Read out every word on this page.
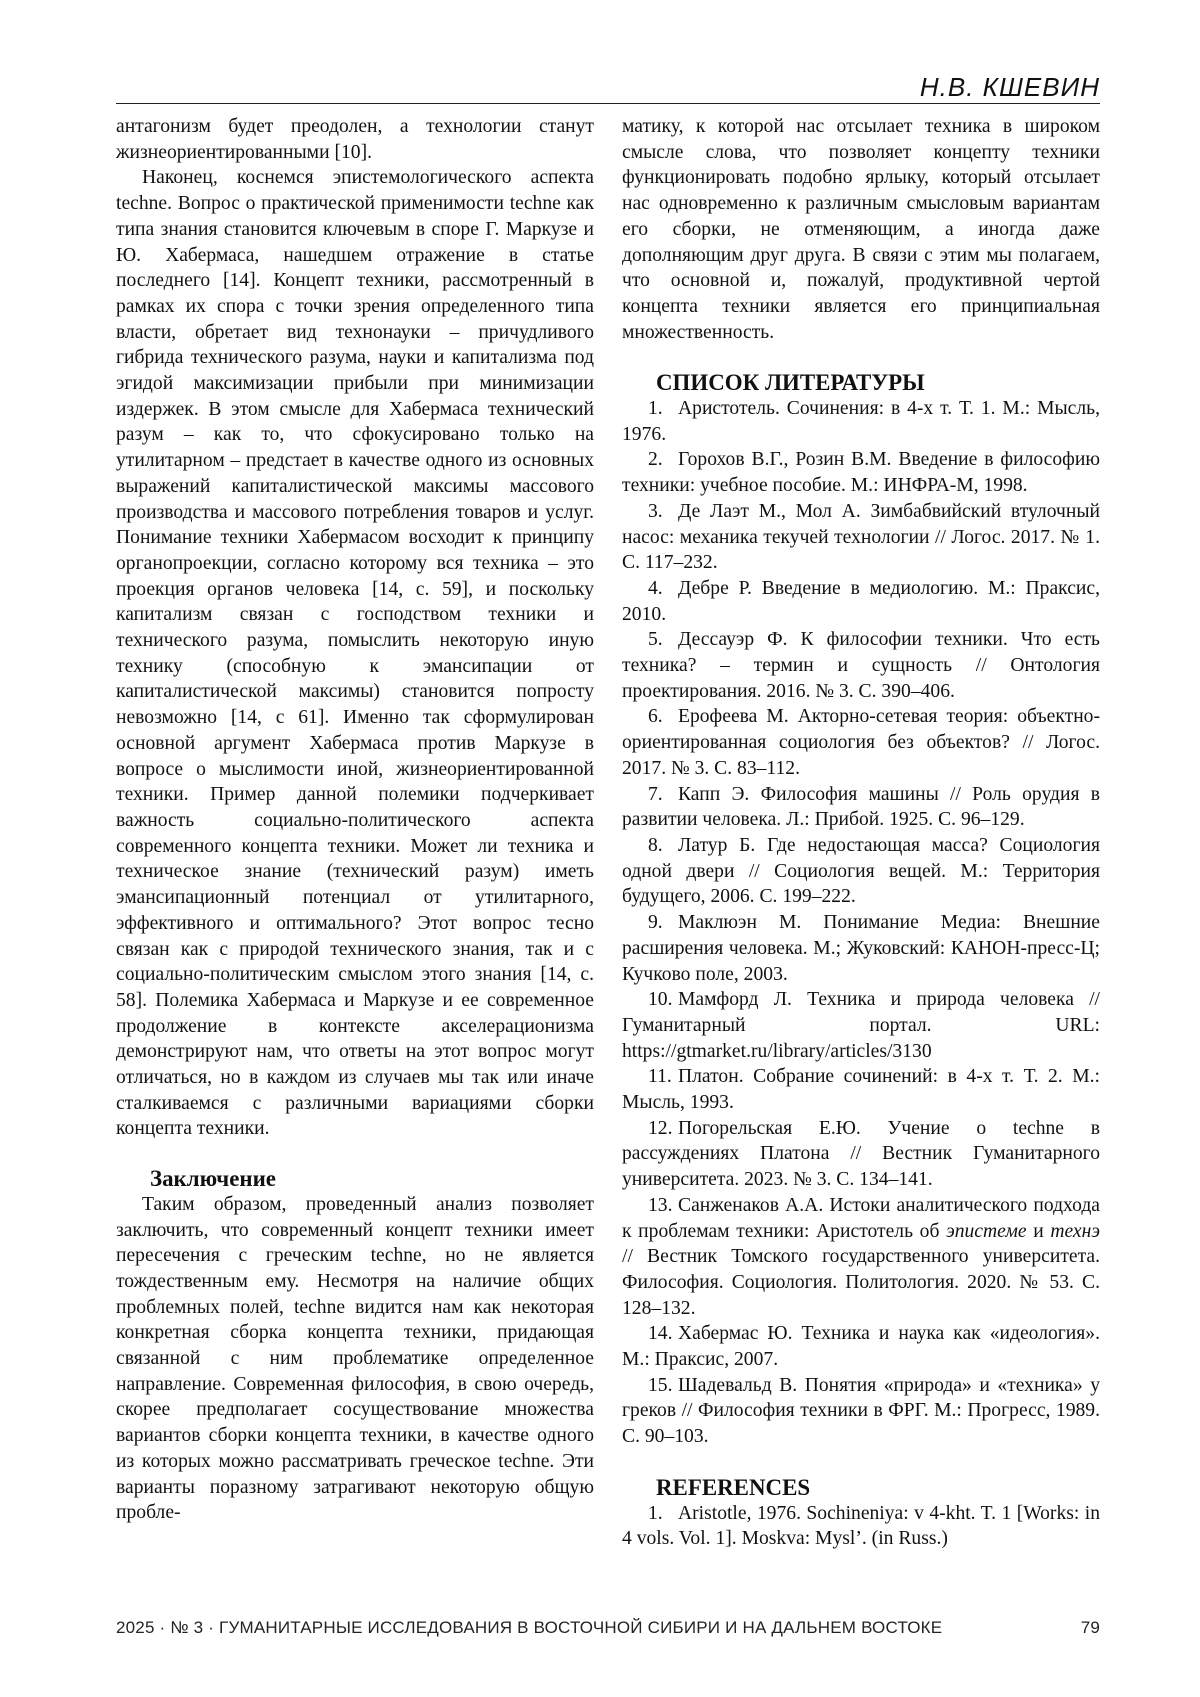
Н.В. КШЕВИН

антагонизм будет преодолен, а технологии станут жизнеориентированными [10].

Наконец, коснемся эпистемологического аспекта techne. Вопрос о практической применимости techne как типа знания становится ключевым в споре Г. Маркузе и Ю. Хабермаса, нашедшем отражение в статье последнего [14]. Концепт техники, рассмотренный в рамках их спора с точки зрения определенного типа власти, обретает вид технонауки – причудливого гибрида технического разума, науки и капитализма под эгидой максимизации прибыли при минимизации издержек. В этом смысле для Хабермаса технический разум – как то, что сфокусировано только на утилитарном – предстает в качестве одного из основных выражений капиталистической максимы массового производства и массового потребления товаров и услуг. Понимание техники Хабермасом восходит к принципу органопроекции, согласно которому вся техника – это проекция органов человека [14, с. 59], и поскольку капитализм связан с господством техники и технического разума, помыслить некоторую иную технику (способную к эмансипации от капиталистической максимы) становится попросту невозможно [14, с 61]. Именно так сформулирован основной аргумент Хабермаса против Маркузе в вопросе о мыслимости иной, жизнеориентированной техники. Пример данной полемики подчеркивает важность социально-политического аспекта современного концепта техники. Может ли техника и техническое знание (технический разум) иметь эмансипационный потенциал от утилитарного, эффективного и оптимального? Этот вопрос тесно связан как с природой технического знания, так и с социально-политическим смыслом этого знания [14, с. 58]. Полемика Хабермаса и Маркузе и ее современное продолжение в контексте акселерационизма демонстрируют нам, что ответы на этот вопрос могут отличаться, но в каждом из случаев мы так или иначе сталкиваемся с различными вариациями сборки концепта техники.

Заключение

Таким образом, проведенный анализ позволяет заключить, что современный концепт техники имеет пересечения с греческим techne, но не является тождественным ему. Несмотря на наличие общих проблемных полей, techne видится нам как некоторая конкретная сборка концепта техники, придающая связанной с ним проблематике определенное направление. Современная философия, в свою очередь, скорее предполагает сосуществование множества вариантов сборки концепта техники, в качестве одного из которых можно рассматривать греческое techne. Эти варианты поразному затрагивают некоторую общую пробле-

матику, к которой нас отсылает техника в широком смысле слова, что позволяет концепту техники функционировать подобно ярлыку, который отсылает нас одновременно к различным смысловым вариантам его сборки, не отменяющим, а иногда даже дополняющим друг друга. В связи с этим мы полагаем, что основной и, пожалуй, продуктивной чертой концепта техники является его принципиальная множественность.

СПИСОК ЛИТЕРАТУРЫ

1. Аристотель. Сочинения: в 4-х т. Т. 1. М.: Мысль, 1976.

2. Горохов В.Г., Розин В.М. Введение в философию техники: учебное пособие. М.: ИНФРА-М, 1998.

3. Де Лаэт М., Мол А. Зимбабвийский втулочный насос: механика текучей технологии // Логос. 2017. № 1. С. 117–232.

4. Дебре Р. Введение в медиологию. М.: Праксис, 2010.

5. Дессауэр Ф. К философии техники. Что есть техника? – термин и сущность // Онтология проектирования. 2016. № 3. С. 390–406.

6. Ерофеева М. Акторно-сетевая теория: объектно-ориентированная социология без объектов? // Логос. 2017. № 3. С. 83–112.

7. Капп Э. Философия машины // Роль орудия в развитии человека. Л.: Прибой. 1925. С. 96–129.

8. Латур Б. Где недостающая масса? Социология одной двери // Социология вещей. М.: Территория будущего, 2006. С. 199–222.

9. Маклюэн М. Понимание Медиа: Внешние расширения человека. М.; Жуковский: КАНОН-пресс-Ц; Кучково поле, 2003.

10. Мамфорд Л. Техника и природа человека // Гуманитарный портал. URL: https://gtmarket.ru/library/articles/3130

11. Платон. Собрание сочинений: в 4-х т. Т. 2. М.: Мысль, 1993.

12. Погорельская Е.Ю. Учение о techne в рассуждениях Платона // Вестник Гуманитарного университета. 2023. № 3. С. 134–141.

13. Санженаков А.А. Истоки аналитического подхода к проблемам техники: Аристотель об эпистеме и технэ // Вестник Томского государственного университета. Философия. Социология. Политология. 2020. № 53. С. 128–132.

14. Хабермас Ю. Техника и наука как «идеология». М.: Праксис, 2007.

15. Шадевальд В. Понятия «природа» и «техника» у греков // Философия техники в ФРГ. М.: Прогресс, 1989. С. 90–103.

REFERENCES

1. Aristotle, 1976. Sochineniya: v 4-kht. T. 1 [Works: in 4 vols. Vol. 1]. Moskva: Mysl’. (in Russ.)

2025 · № 3 · ГУМАНИТАРНЫЕ ИССЛЕДОВАНИЯ В ВОСТОЧНОЙ СИБИРИ И НА ДАЛЬНЕМ ВОСТОКЕ	79
